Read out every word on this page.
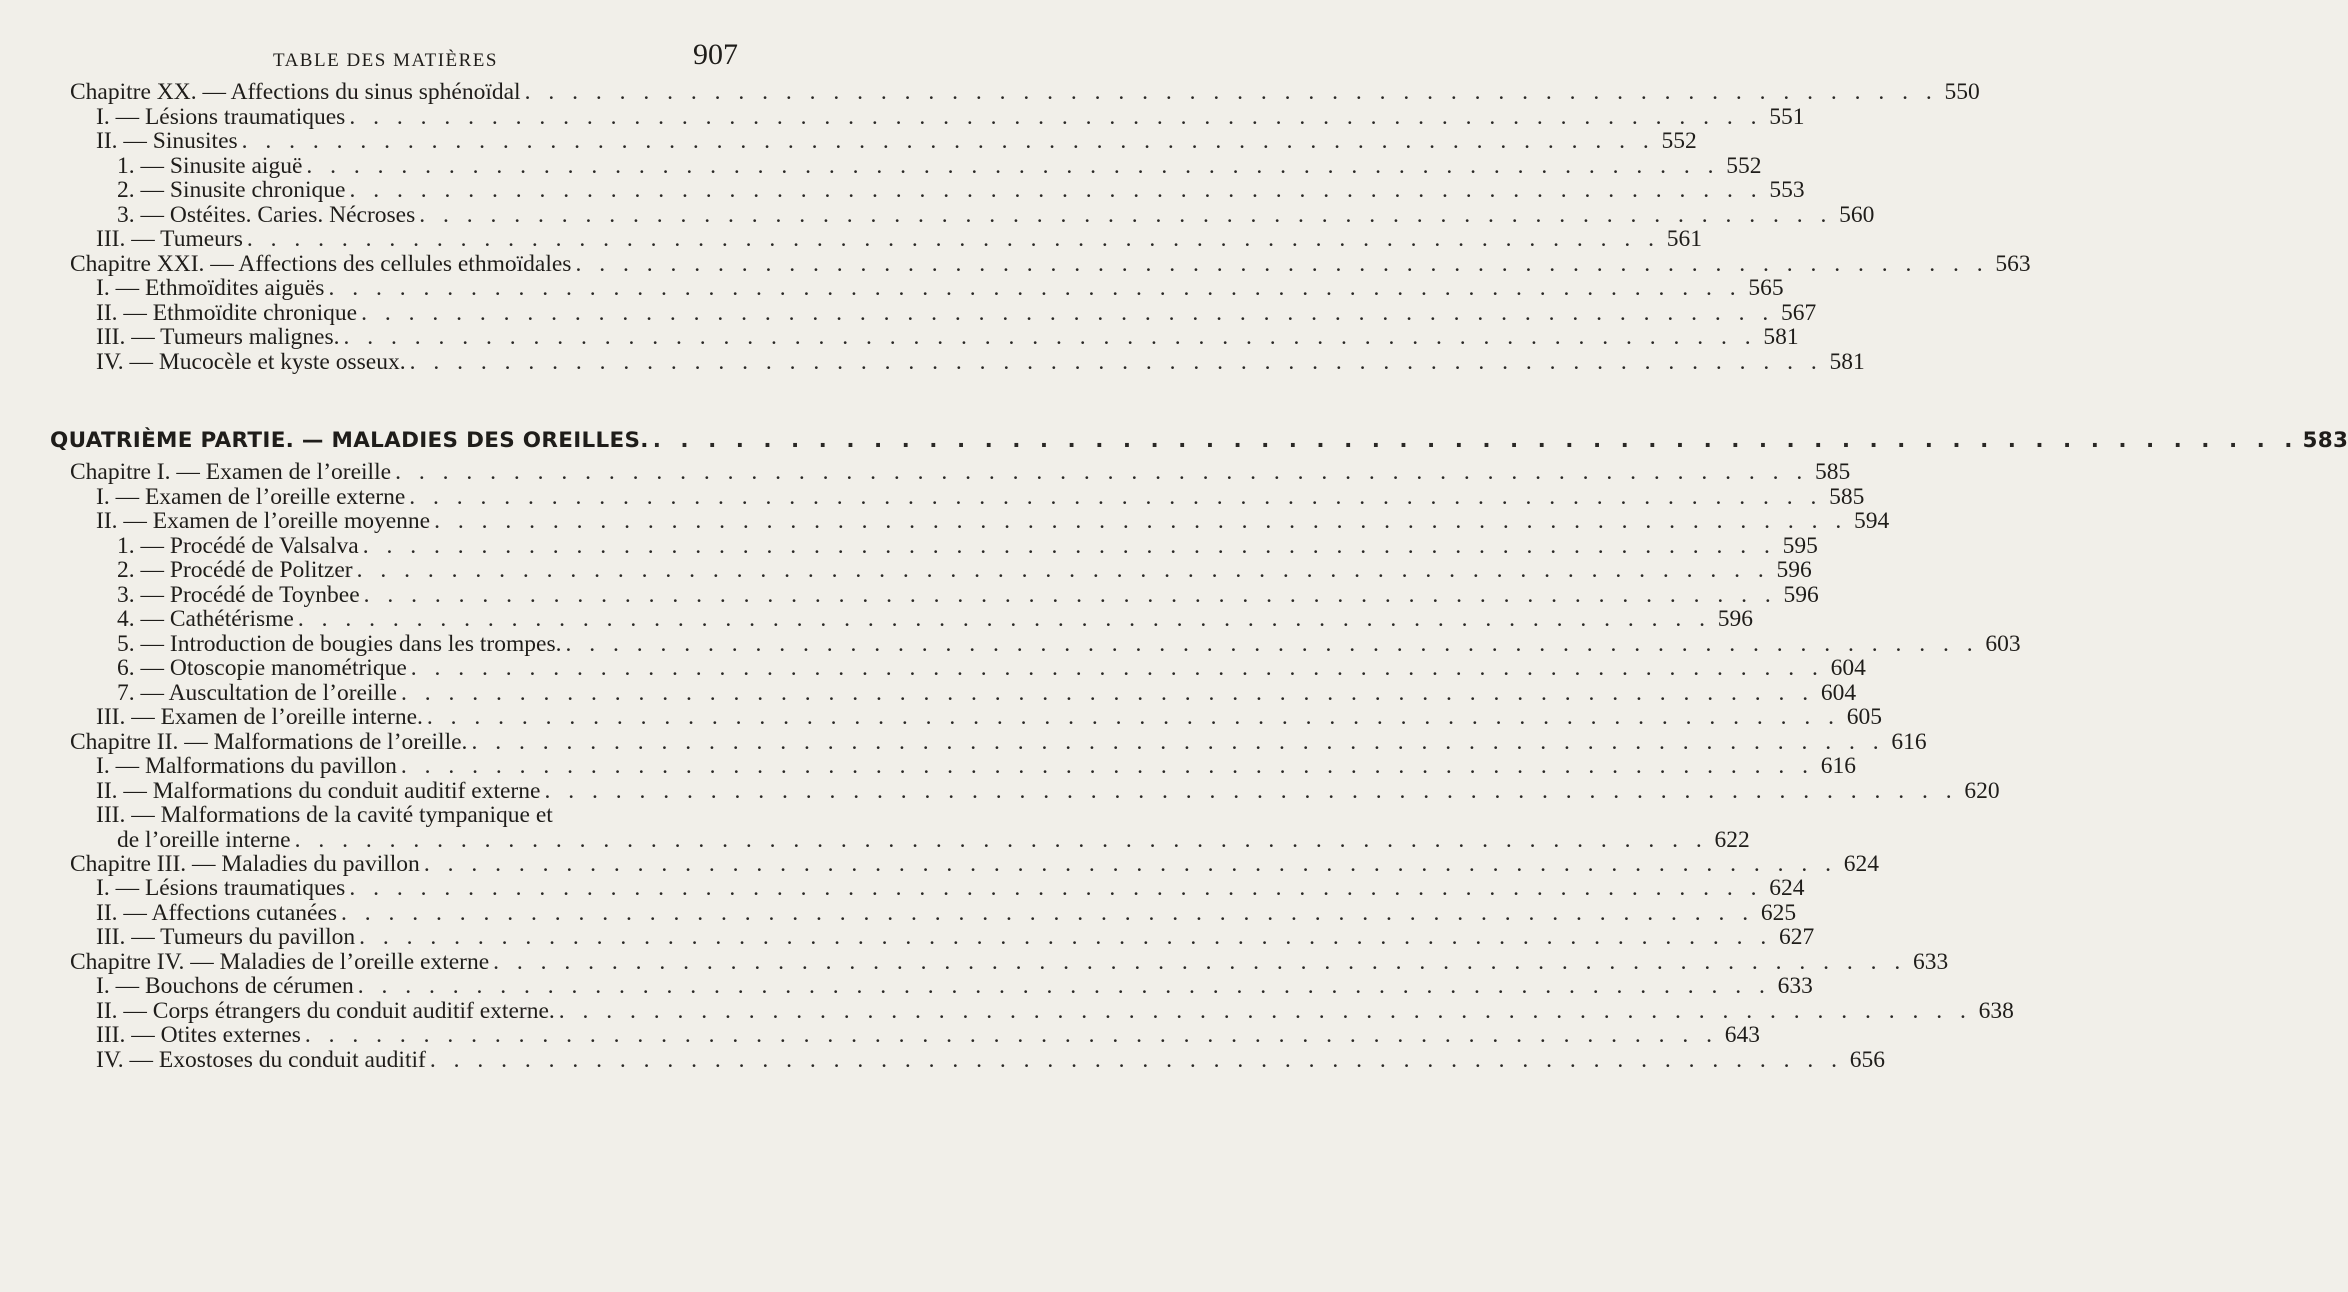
TABLE DES MATIÈRES	907
Chapitre XX. — Affections du sinus sphénoïdal . . . . . . . . . . . . . . . . . . . . . . . . . . . . . . . . . . . . . . . . . . . . . . . . . . . . . . . . . . . . 550
I. — Lésions traumatiques . . . . . . . . . . . . . . . . . . . . . . . . . . . . . . . . . . . . . . . . . . . . . . . . . . . . . . . . . . . . 551
II. — Sinusites . . . . . . . . . . . . . . . . . . . . . . . . . . . . . . . . . . . . . . . . . . . . . . . . . . . . . . . . . . . . 552
1. — Sinusite aiguë . . . . . . . . . . . . . . . . . . . . . . . . . . . . . . . . . . . . . . . . . . . . . . . . . . . . . . . . . . . . 552
2. — Sinusite chronique . . . . . . . . . . . . . . . . . . . . . . . . . . . . . . . . . . . . . . . . . . . . . . . . . . . . . . . . . . . . 553
3. — Ostéites. Caries. Nécroses . . . . . . . . . . . . . . . . . . . . . . . . . . . . . . . . . . . . . . . . . . . . . . . . . . . . . . . . . . . . 560
III. — Tumeurs . . . . . . . . . . . . . . . . . . . . . . . . . . . . . . . . . . . . . . . . . . . . . . . . . . . . . . . . . . . . 561
Chapitre XXI. — Affections des cellules ethmoïdales . . . . . . . . . . . . . . . . . . . . . . . . . . . . . . . . . . . . . . . . . . . . . . . . . . . . . . . . . . . . 563
I. — Ethmoïdites aiguës . . . . . . . . . . . . . . . . . . . . . . . . . . . . . . . . . . . . . . . . . . . . . . . . . . . . . . . . . . . . 565
II. — Ethmoïdite chronique . . . . . . . . . . . . . . . . . . . . . . . . . . . . . . . . . . . . . . . . . . . . . . . . . . . . . . . . . . . . 567
III. — Tumeurs malignes. . . . . . . . . . . . . . . . . . . . . . . . . . . . . . . . . . . . . . . . . . . . . . . . . . . . . . . . . . . . . 581
IV. — Mucocèle et kyste osseux. . . . . . . . . . . . . . . . . . . . . . . . . . . . . . . . . . . . . . . . . . . . . . . . . . . . . . . . . . . . . 581
QUATRIÈME PARTIE. — MALADIES DES OREILLES. . . . . . . . . . . . . . . . . . . . . . . . . . . . . . . . . . . . . . . . . . . . . . . . . . . . . . . . . . . . . 583
Chapitre I. — Examen de l’oreille . . . . . . . . . . . . . . . . . . . . . . . . . . . . . . . . . . . . . . . . . . . . . . . . . . . . . . . . . . . . 585
I. — Examen de l’oreille externe . . . . . . . . . . . . . . . . . . . . . . . . . . . . . . . . . . . . . . . . . . . . . . . . . . . . . . . . . . . . 585
II. — Examen de l’oreille moyenne . . . . . . . . . . . . . . . . . . . . . . . . . . . . . . . . . . . . . . . . . . . . . . . . . . . . . . . . . . . . 594
1. — Procédé de Valsalva . . . . . . . . . . . . . . . . . . . . . . . . . . . . . . . . . . . . . . . . . . . . . . . . . . . . . . . . . . . . 595
2. — Procédé de Politzer . . . . . . . . . . . . . . . . . . . . . . . . . . . . . . . . . . . . . . . . . . . . . . . . . . . . . . . . . . . . 596
3. — Procédé de Toynbee . . . . . . . . . . . . . . . . . . . . . . . . . . . . . . . . . . . . . . . . . . . . . . . . . . . . . . . . . . . . 596
4. — Cathétérisme . . . . . . . . . . . . . . . . . . . . . . . . . . . . . . . . . . . . . . . . . . . . . . . . . . . . . . . . . . . . 596
5. — Introduction de bougies dans les trompes. . . . . . . . . . . . . . . . . . . . . . . . . . . . . . . . . . . . . . . . . . . . . . . . . . . . . . . . . . . . . 603
6. — Otoscopie manométrique . . . . . . . . . . . . . . . . . . . . . . . . . . . . . . . . . . . . . . . . . . . . . . . . . . . . . . . . . . . . 604
7. — Auscultation de l’oreille . . . . . . . . . . . . . . . . . . . . . . . . . . . . . . . . . . . . . . . . . . . . . . . . . . . . . . . . . . . . 604
III. — Examen de l’oreille interne. . . . . . . . . . . . . . . . . . . . . . . . . . . . . . . . . . . . . . . . . . . . . . . . . . . . . . . . . . . . . 605
Chapitre II. — Malformations de l’oreille. . . . . . . . . . . . . . . . . . . . . . . . . . . . . . . . . . . . . . . . . . . . . . . . . . . . . . . . . . . . . 616
I. — Malformations du pavillon . . . . . . . . . . . . . . . . . . . . . . . . . . . . . . . . . . . . . . . . . . . . . . . . . . . . . . . . . . . . 616
II. — Malformations du conduit auditif externe . . . . . . . . . . . . . . . . . . . . . . . . . . . . . . . . . . . . . . . . . . . . . . . . . . . . . . . . . . . . 620
III. — Malformations de la cavité tympanique et
de l’oreille interne . . . . . . . . . . . . . . . . . . . . . . . . . . . . . . . . . . . . . . . . . . . . . . . . . . . . . . . . . . . . 622
Chapitre III. — Maladies du pavillon . . . . . . . . . . . . . . . . . . . . . . . . . . . . . . . . . . . . . . . . . . . . . . . . . . . . . . . . . . . . 624
I. — Lésions traumatiques . . . . . . . . . . . . . . . . . . . . . . . . . . . . . . . . . . . . . . . . . . . . . . . . . . . . . . . . . . . . 624
II. — Affections cutanées . . . . . . . . . . . . . . . . . . . . . . . . . . . . . . . . . . . . . . . . . . . . . . . . . . . . . . . . . . . . 625
III. — Tumeurs du pavillon . . . . . . . . . . . . . . . . . . . . . . . . . . . . . . . . . . . . . . . . . . . . . . . . . . . . . . . . . . . . 627
Chapitre IV. — Maladies de l’oreille externe . . . . . . . . . . . . . . . . . . . . . . . . . . . . . . . . . . . . . . . . . . . . . . . . . . . . . . . . . . . . 633
I. — Bouchons de cérumen . . . . . . . . . . . . . . . . . . . . . . . . . . . . . . . . . . . . . . . . . . . . . . . . . . . . . . . . . . . . 633
II. — Corps étrangers du conduit auditif externe. . . . . . . . . . . . . . . . . . . . . . . . . . . . . . . . . . . . . . . . . . . . . . . . . . . . . . . . . . . . . 638
III. — Otites externes . . . . . . . . . . . . . . . . . . . . . . . . . . . . . . . . . . . . . . . . . . . . . . . . . . . . . . . . . . . . 643
IV. — Exostoses du conduit auditif . . . . . . . . . . . . . . . . . . . . . . . . . . . . . . . . . . . . . . . . . . . . . . . . . . . . . . . . . . . . 656
